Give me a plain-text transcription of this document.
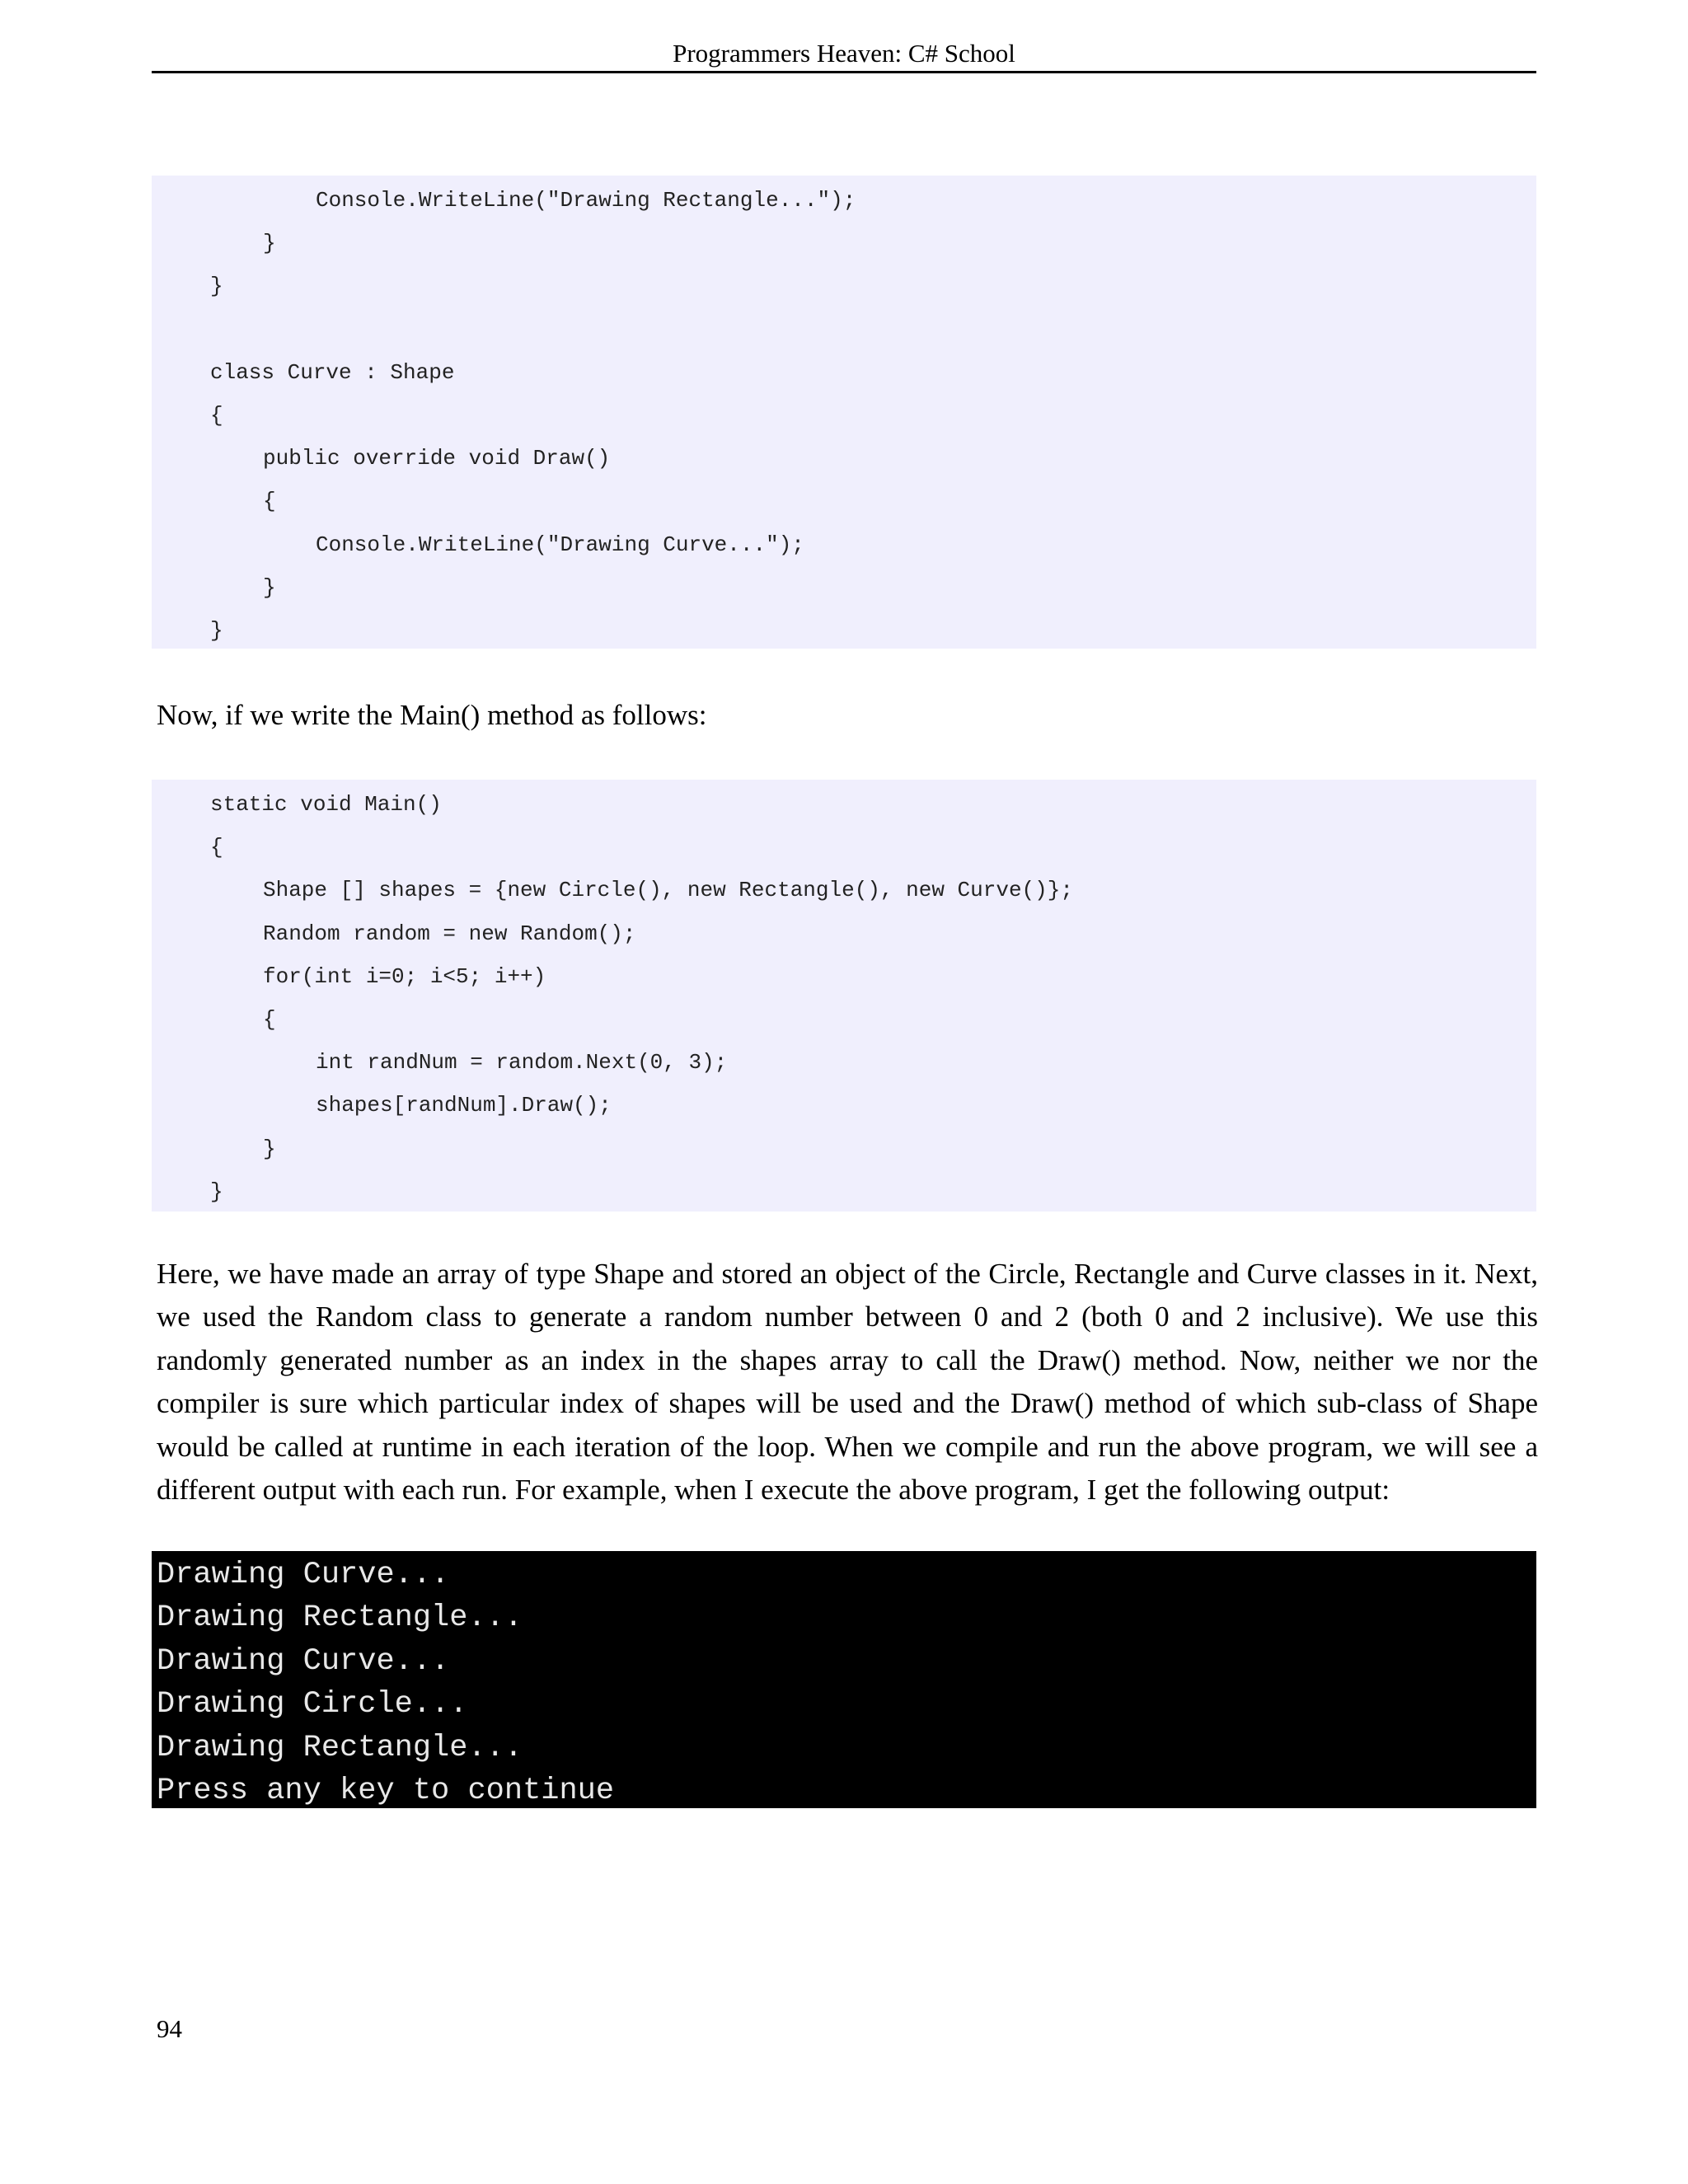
Programmers Heaven: C# School
Console.WriteLine("Drawing Rectangle...");
}
}
class Curve : Shape
{
public override void Draw()
{
Console.WriteLine("Drawing Curve...");
}
}

Now, if we write the Main() method as follows:

static void Main()
{
Shape [] shapes = {new Circle(), new Rectangle(), new Curve()};
Random random = new Random();
for(int i=0; i<5; i++)
{
int randNum = random.Next(0, 3);
shapes[randNum].Draw();
}
}

Here, we have made an array of type Shape and stored an object of the Circle, Rectangle and Curve classes in it. Next, we used the Random class to generate a random number between 0 and 2 (both 0 and 2 inclusive). We use this randomly generated number as an index in the shapes array to call the Draw() method. Now, neither we nor the compiler is sure which particular index of shapes will be used and the Draw() method of which sub-class of Shape would be called at runtime in each iteration of the loop. When we compile and run the above program, we will see a different output with each run. For example, when I execute the above program, I get the following output:

Drawing Curve...
Drawing Rectangle...
Drawing Curve...
Drawing Circle...
Drawing Rectangle...
Press any key to continue
94
